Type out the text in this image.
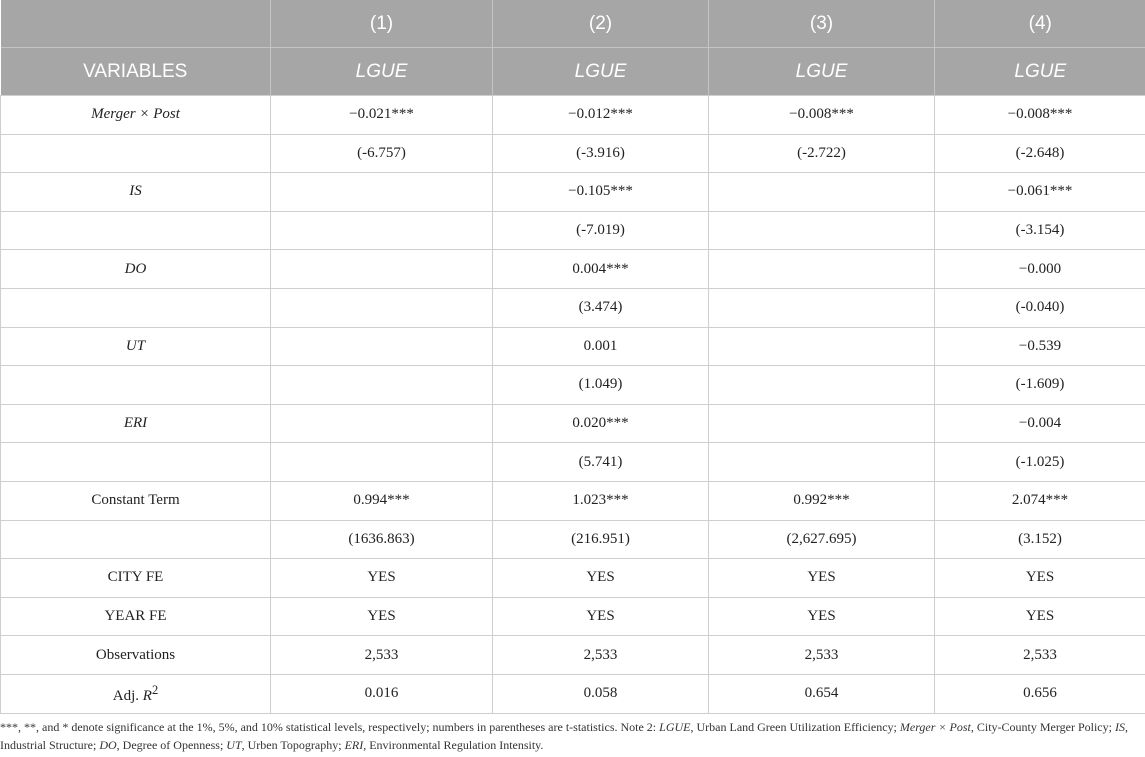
	(1)	(2)	(3)	(4)
VARIABLES	LGUE	LGUE	LGUE	LGUE
Merger × Post	−0.021***	−0.012***	−0.008***	−0.008***
	(-6.757)	(-3.916)	(-2.722)	(-2.648)
IS		−0.105***		−0.061***
		(-7.019)		(-3.154)
DO		0.004***		−0.000
		(3.474)		(-0.040)
UT		0.001		−0.539
		(1.049)		(-1.609)
ERI		0.020***		−0.004
		(5.741)		(-1.025)
Constant Term	0.994***	1.023***	0.992***	2.074***
	(1636.863)	(216.951)	(2,627.695)	(3.152)
CITY FE	YES	YES	YES	YES
YEAR FE	YES	YES	YES	YES
Observations	2,533	2,533	2,533	2,533
Adj. $R^2$	0.016	0.058	0.654	0.656
***, **, and * denote significance at the 1%, 5%, and 10% statistical levels, respectively; numbers in parentheses are t-statistics. Note 2: LGUE, Urban Land Green Utilization Efficiency; Merger × Post, City-County Merger Policy; IS, Industrial Structure; DO, Degree of Openness; UT, Urben Topography; ERI, Environmental Regulation Intensity.
